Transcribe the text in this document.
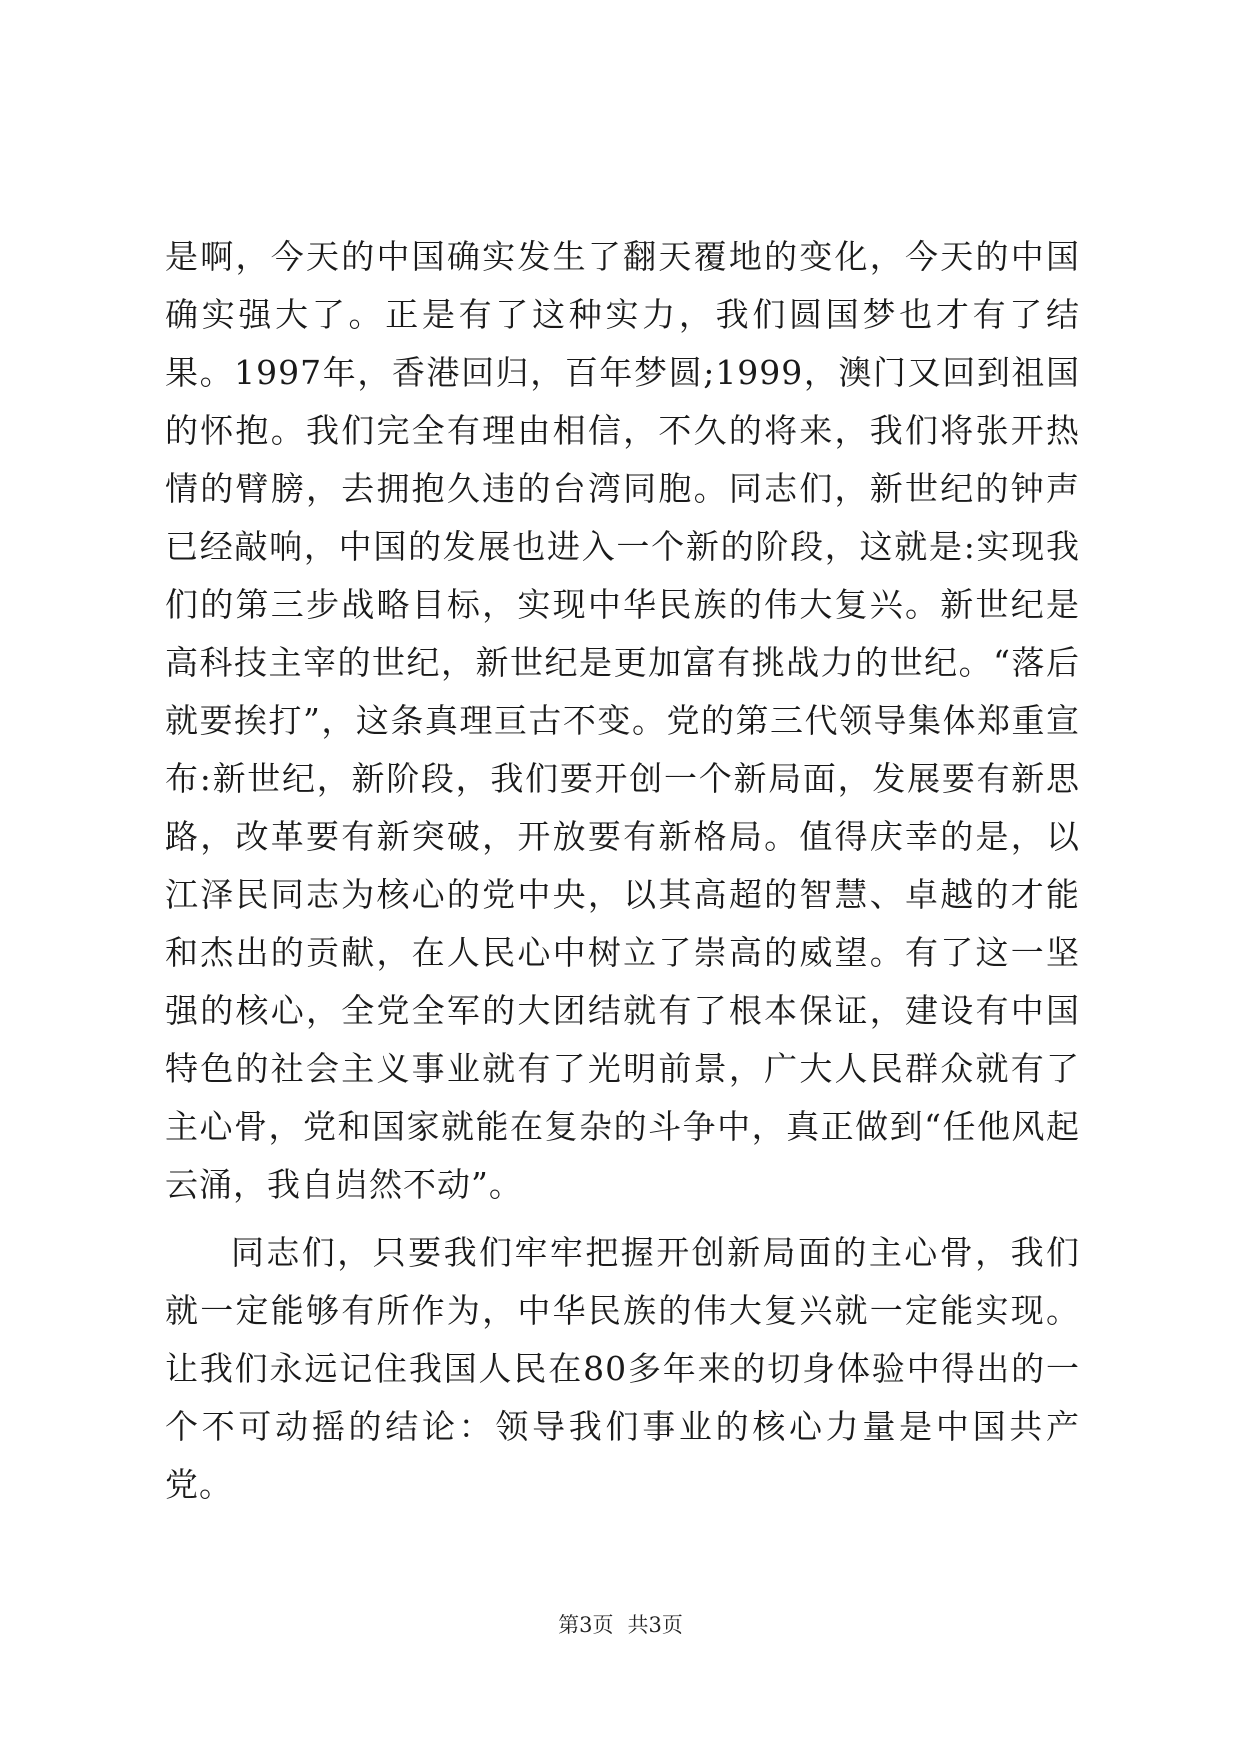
是啊，今天的中国确实发生了翻天覆地的变化，今天的中国确实强大了。正是有了这种实力，我们圆国梦也才有了结果。1997年，香港回归，百年梦圆;1999，澳门又回到祖国的怀抱。我们完全有理由相信，不久的将来，我们将张开热情的臂膀，去拥抱久违的台湾同胞。同志们，新世纪的钟声已经敲响，中国的发展也进入一个新的阶段，这就是:实现我们的第三步战略目标，实现中华民族的伟大复兴。新世纪是高科技主宰的世纪，新世纪是更加富有挑战力的世纪。“落后就要挨打”，这条真理亘古不变。党的第三代领导集体郑重宣布:新世纪，新阶段，我们要开创一个新局面，发展要有新思路，改革要有新突破，开放要有新格局。值得庆幸的是，以江泽民同志为核心的党中央，以其高超的智慧、卓越的才能和杰出的贡献，在人民心中树立了崇高的威望。有了这一坚强的核心，全党全军的大团结就有了根本保证，建设有中国特色的社会主义事业就有了光明前景，广大人民群众就有了主心骨，党和国家就能在复杂的斗争中，真正做到“任他风起云涌，我自岿然不动”。

同志们，只要我们牢牢把握开创新局面的主心骨，我们就一定能够有所作为，中华民族的伟大复兴就一定能实现。让我们永远记住我国人民在80多年来的切身体验中得出的一个不可动摇的结论：领导我们事业的核心力量是中国共产党。

第3页 共3页
